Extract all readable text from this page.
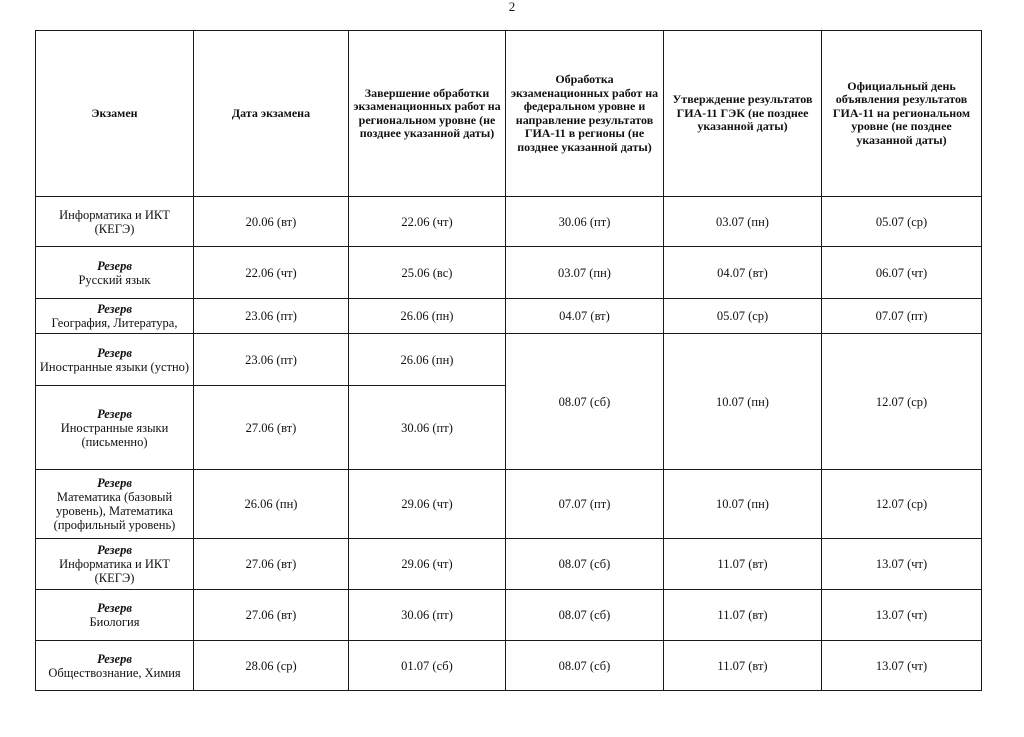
2
Экзамен	Дата экзамена	Завершение обработки экзаменационных работ на региональном уровне (не позднее указанной даты)	Обработка экзаменационных работ на федеральном уровне и направление результатов ГИА-11 в регионы (не позднее указанной даты)	Утверждение результатов ГИА-11 ГЭК (не позднее указанной даты)	Официальный день объявления результатов ГИА-11 на региональном уровне (не позднее указанной даты)

Информатика и ИКТ (КЕГЭ)	20.06 (вт)	22.06 (чт)	30.06 (пт)	03.07 (пн)	05.07 (ср)

Резерв
Русский язык	22.06 (чт)	25.06 (вс)	03.07 (пн)	04.07 (вт)	06.07 (чт)

Резерв
География, Литература,	23.06 (пт)	26.06 (пн)	04.07 (вт)	05.07 (ср)	07.07 (пт)

Резерв
Иностранные языки (устно)	23.06 (пт)	26.06 (пн)	08.07 (сб)	10.07 (пн)	12.07 (ср)

Резерв
Иностранные языки (письменно)	27.06 (вт)	30.06 (пт)			

Резерв
Математика (базовый уровень), Математика (профильный уровень)	26.06 (пн)	29.06 (чт)	07.07 (пт)	10.07 (пн)	12.07 (ср)

Резерв
Информатика и ИКТ (КЕГЭ)	27.06 (вт)	29.06 (чт)	08.07 (сб)	11.07 (вт)	13.07 (чт)

Резерв
Биология	27.06 (вт)	30.06 (пт)	08.07 (сб)	11.07 (вт)	13.07 (чт)

Резерв
Обществознание, Химия	28.06 (ср)	01.07 (сб)	08.07 (сб)	11.07 (вт)	13.07 (чт)
